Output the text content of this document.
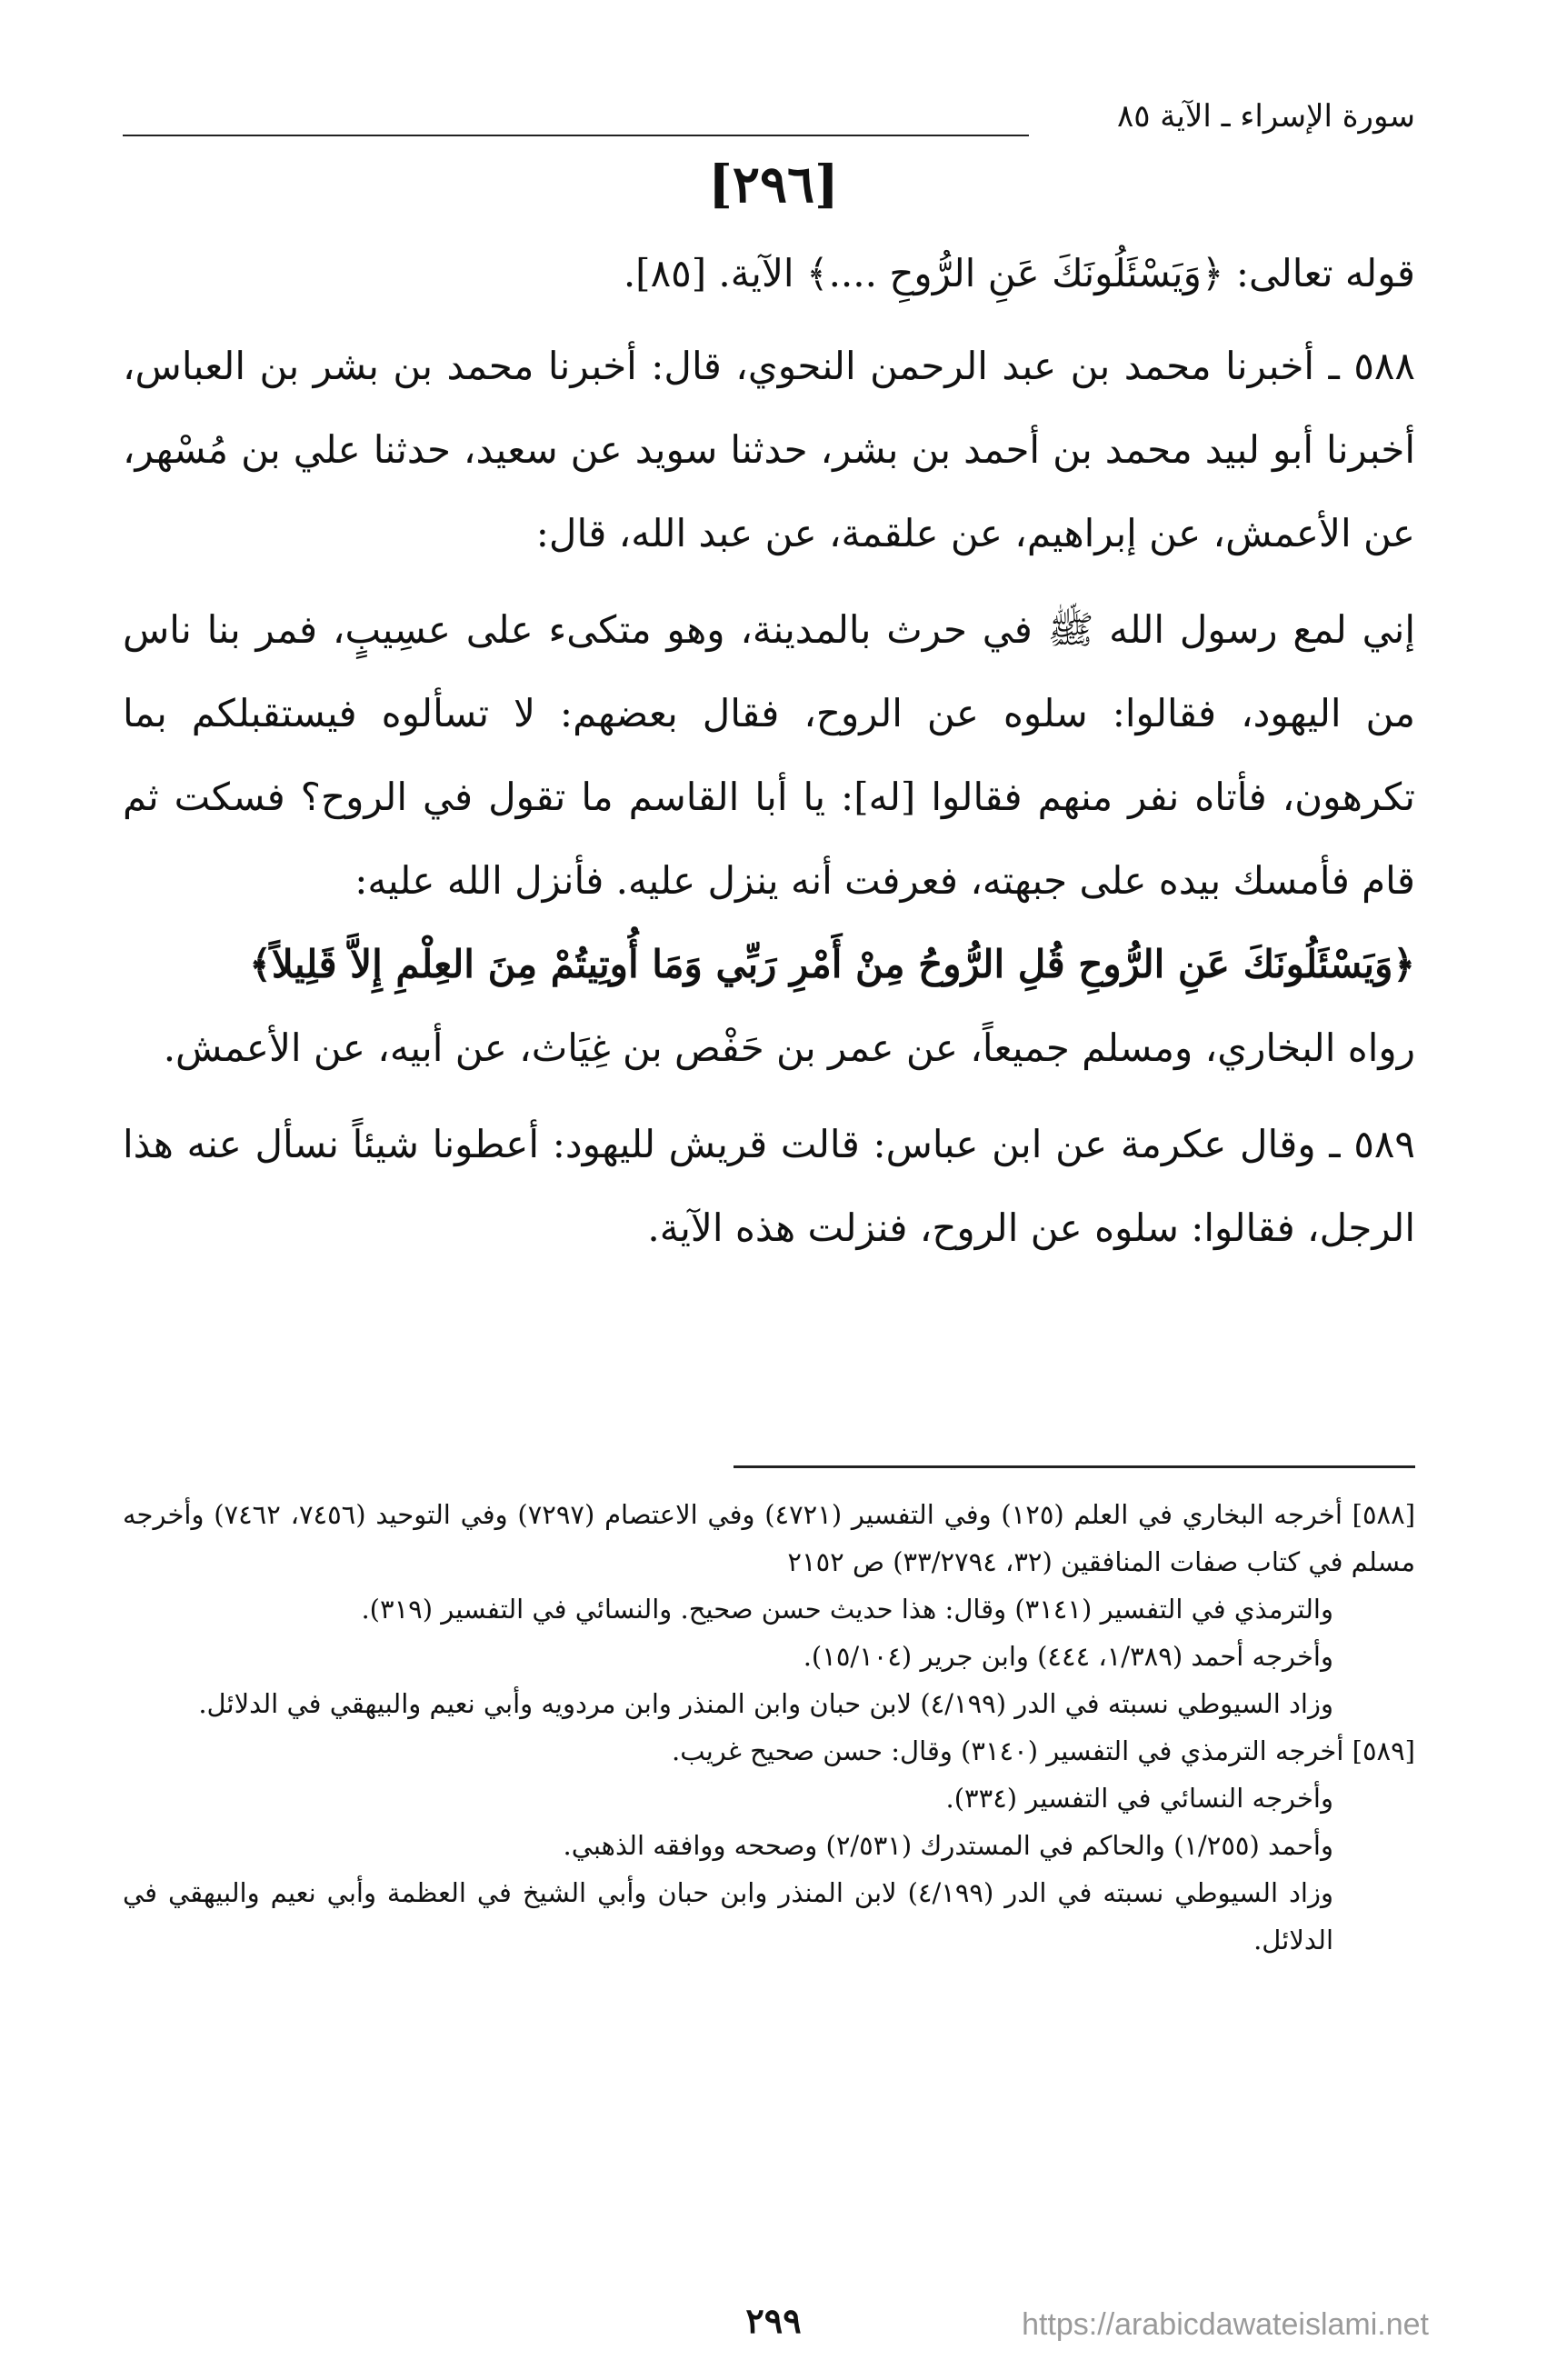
سورة الإسراء ـ الآية ٨٥
[٢٩٦]

قوله تعالى: ﴿وَيَسْئَلُونَكَ عَنِ الرُّوحِ ....﴾ الآية. [٨٥].

٥٨٨ ـ أخبرنا محمد بن عبد الرحمن النحوي، قال: أخبرنا محمد بن بشر بن العباس، أخبرنا أبو لبيد محمد بن أحمد بن بشر، حدثنا سويد عن سعيد، حدثنا علي بن مُسْهر، عن الأعمش، عن إبراهيم، عن علقمة، عن عبد الله، قال:

إني لمع رسول الله ﷺ في حرث بالمدينة، وهو متكىء على عسِيبٍ، فمر بنا ناس من اليهود، فقالوا: سلوه عن الروح، فقال بعضهم: لا تسألوه فيستقبلكم بما تكرهون، فأتاه نفر منهم فقالوا [له]: يا أبا القاسم ما تقول في الروح؟ فسكت ثم قام فأمسك بيده على جبهته، فعرفت أنه ينزل عليه. فأنزل الله عليه:

﴿وَيَسْئَلُونَكَ عَنِ الرُّوحِ قُلِ الرُّوحُ مِنْ أَمْرِ رَبِّي وَمَا أُوتِيتُمْ مِنَ العِلْمِ إِلاَّ قَلِيلاً﴾

رواه البخاري، ومسلم جميعاً، عن عمر بن حَفْص بن غِيَاث، عن أبيه، عن الأعمش.

٥٨٩ ـ وقال عكرمة عن ابن عباس: قالت قريش لليهود: أعطونا شيئاً نسأل عنه هذا الرجل، فقالوا: سلوه عن الروح، فنزلت هذه الآية.

[٥٨٨] أخرجه البخاري في العلم (١٢٥) وفي التفسير (٤٧٢١) وفي الاعتصام (٧٢٩٧) وفي التوحيد (٧٤٥٦، ٧٤٦٢) وأخرجه مسلم في كتاب صفات المنافقين (٣٢، ٣٣/٢٧٩٤) ص ٢١٥٢

والترمذي في التفسير (٣١٤١) وقال: هذا حديث حسن صحيح. والنسائي في التفسير (٣١٩).

وأخرجه أحمد (١/٣٨٩، ٤٤٤) وابن جرير (١٥/١٠٤).

وزاد السيوطي نسبته في الدر (٤/١٩٩) لابن حبان وابن المنذر وابن مردويه وأبي نعيم والبيهقي في الدلائل.

[٥٨٩] أخرجه الترمذي في التفسير (٣١٤٠) وقال: حسن صحيح غريب.

وأخرجه النسائي في التفسير (٣٣٤).

وأحمد (١/٢٥٥) والحاكم في المستدرك (٢/٥٣١) وصححه ووافقه الذهبي.

وزاد السيوطي نسبته في الدر (٤/١٩٩) لابن المنذر وابن حبان وأبي الشيخ في العظمة وأبي نعيم والبيهقي في الدلائل.

٢٩٩	https://arabicdawateislami.net
